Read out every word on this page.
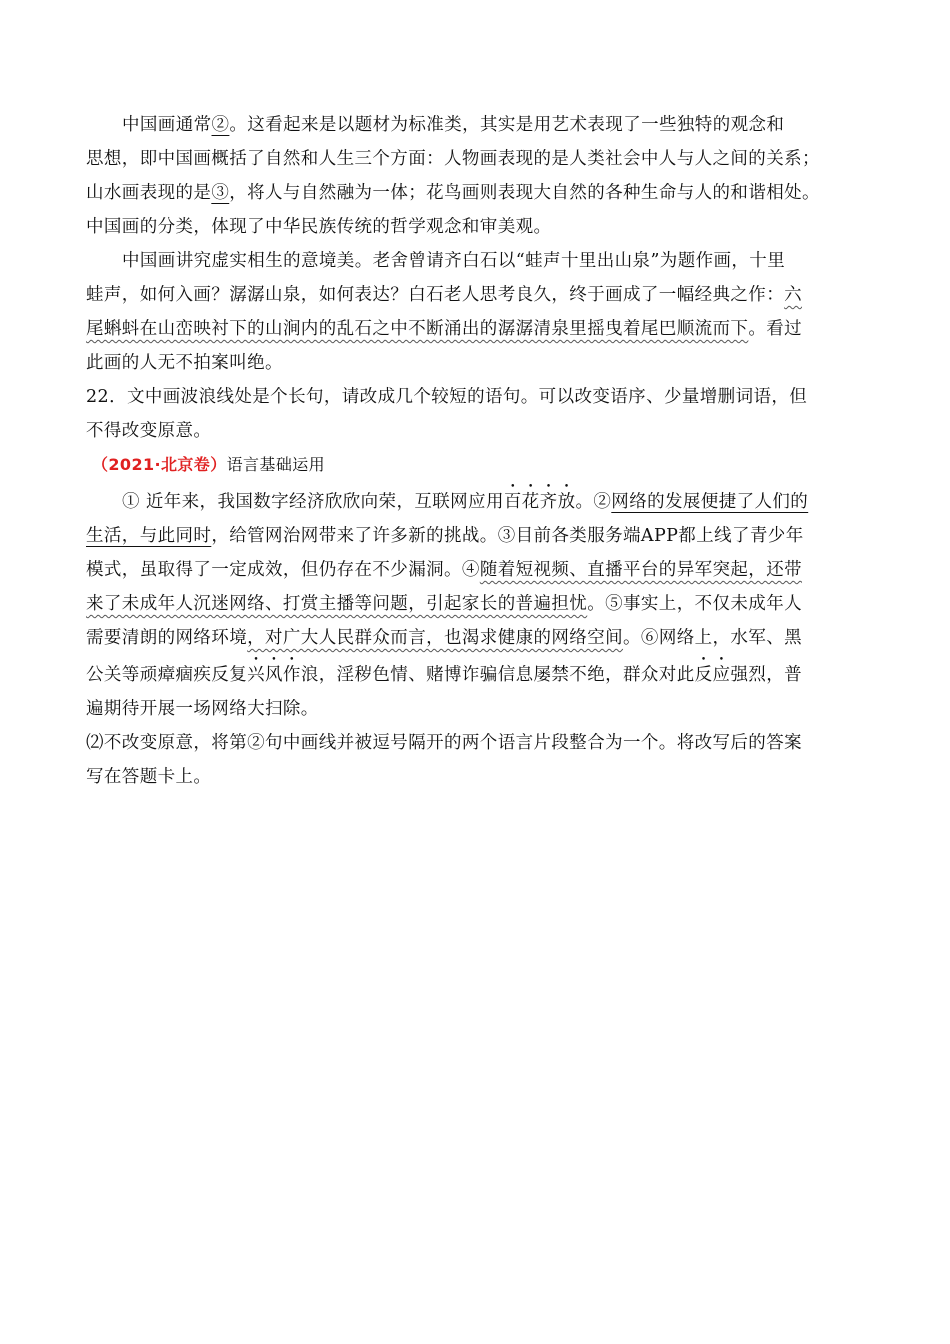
中国画通常②。这看起来是以题材为标准类，其实是用艺术表现了一些独特的观念和
思想，即中国画概括了自然和人生三个方面：人物画表现的是人类社会中人与人之间的关系；
山水画表现的是③，将人与自然融为一体；花鸟画则表现大自然的各种生命与人的和谐相处。
中国画的分类，体现了中华民族传统的哲学观念和审美观。
中国画讲究虚实相生的意境美。老舍曾请齐白石以“蛙声十里出山泉”为题作画，十里
蛙声，如何入画？潺潺山泉，如何表达？白石老人思考良久，终于画成了一幅经典之作：六
尾蝌蚪在山峦映衬下的山涧内的乱石之中不断涌出的潺潺清泉里摇曳着尾巴顺流而下。看过
此画的人无不拍案叫绝。
22．文中画波浪线处是个长句，请改成几个较短的语句。可以改变语序、少量增删词语，但
不得改变原意。
（2021·北京卷）语言基础运用
① 近年来，我国数字经济欣欣向荣，互联网应用百花齐放。②网络的发展便捷了人们的
生活，与此同时，给管网治网带来了许多新的挑战。③目前各类服务端APP都上线了青少年
模式，虽取得了一定成效，但仍存在不少漏洞。④随着短视频、直播平台的异军突起，还带
来了未成年人沉迷网络、打赏主播等问题，引起家长的普遍担忧。⑤事实上，不仅未成年人
需要清朗的网络环境，对广大人民群众而言，也渴求健康的网络空间。⑥网络上，水军、黑
公关等顽瘴痼疾反复兴风作浪，淫秽色情、赌博诈骗信息屡禁不绝，群众对此反应强烈，普
遍期待开展一场网络大扫除。
⑵不改变原意，将第②句中画线并被逗号隔开的两个语言片段整合为一个。将改写后的答案
写在答题卡上。
